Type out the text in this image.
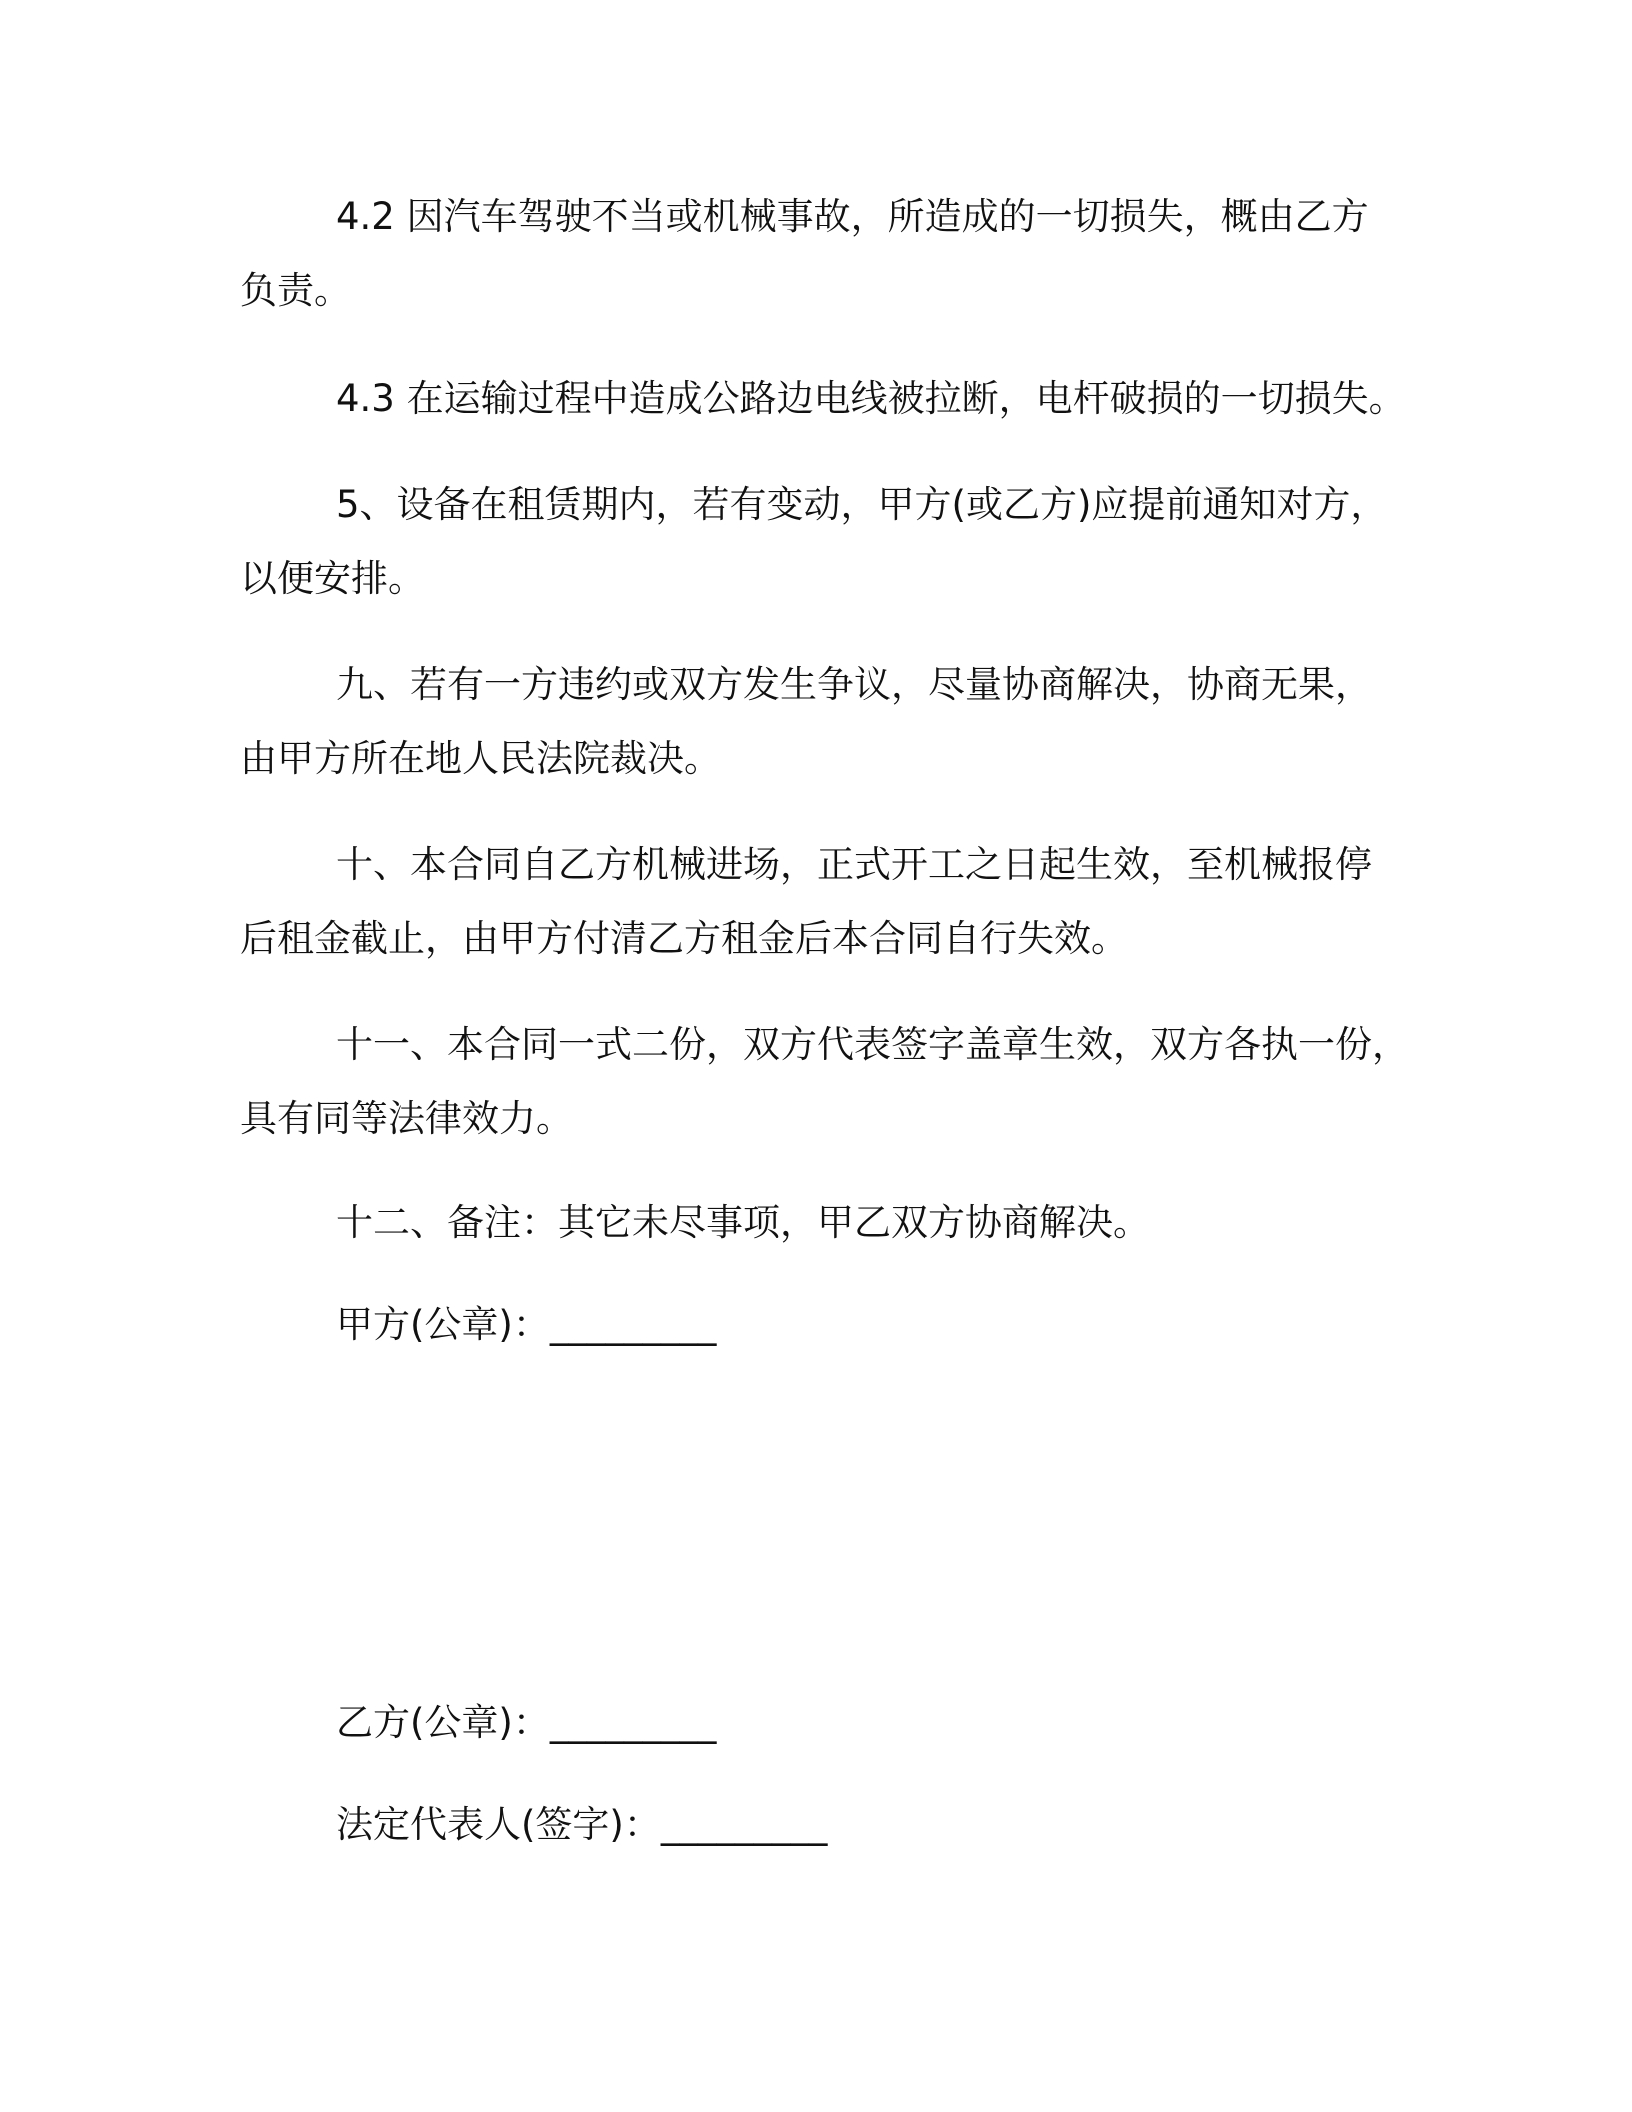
4.2 因汽车驾驶不当或机械事故，所造成的一切损失，概由乙方
负责。
4.3 在运输过程中造成公路边电线被拉断，电杆破损的一切损失。
5、设备在租赁期内，若有变动，甲方(或乙方)应提前通知对方，
以便安排。
九、若有一方违约或双方发生争议，尽量协商解决，协商无果，
由甲方所在地人民法院裁决。
十、本合同自乙方机械进场，正式开工之日起生效，至机械报停
后租金截止，由甲方付清乙方租金后本合同自行失效。
十一、本合同一式二份，双方代表签字盖章生效，双方各执一份，
具有同等法律效力。
十二、备注：其它未尽事项，甲乙双方协商解决。
甲方(公章)：_________
乙方(公章)：_________
法定代表人(签字)：_________
